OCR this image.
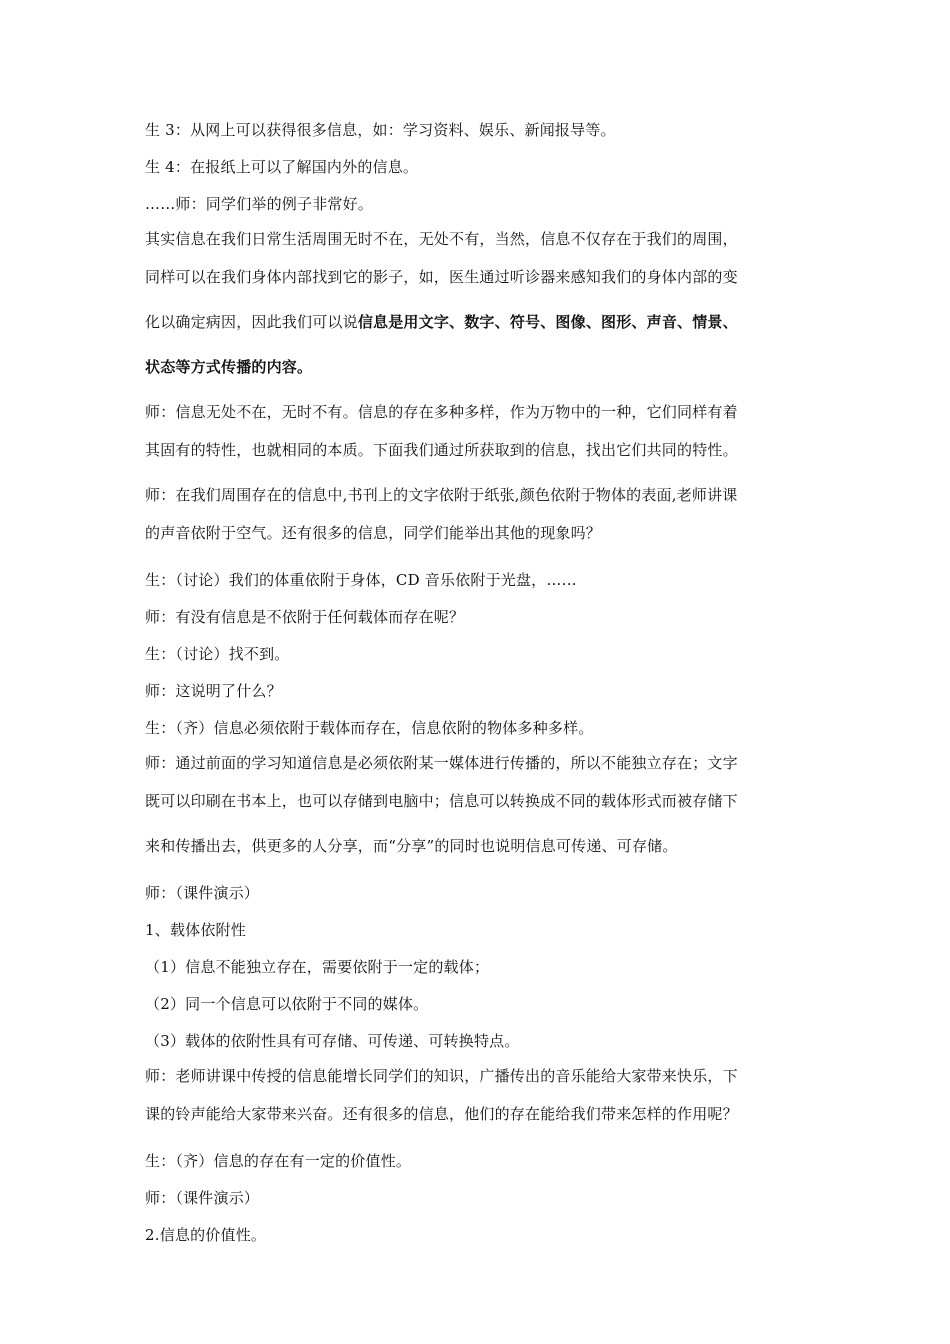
生 3：从网上可以获得很多信息，如：学习资料、娱乐、新闻报导等。
生 4：在报纸上可以了解国内外的信息。
……师：同学们举的例子非常好。
其实信息在我们日常生活周围无时不在，无处不有，当然，信息不仅存在于我们的周围，
同样可以在我们身体内部找到它的影子，如，医生通过听诊器来感知我们的身体内部的变
化以确定病因，因此我们可以说信息是用文字、数字、符号、图像、图形、声音、情景、
状态等方式传播的内容。
师：信息无处不在，无时不有。信息的存在多种多样，作为万物中的一种，它们同样有着
其固有的特性，也就相同的本质。下面我们通过所获取到的信息，找出它们共同的特性。
师：在我们周围存在的信息中,书刊上的文字依附于纸张,颜色依附于物体的表面,老师讲课
的声音依附于空气。还有很多的信息，同学们能举出其他的现象吗？
生：（讨论）我们的体重依附于身体，CD 音乐依附于光盘，……
师：有没有信息是不依附于任何载体而存在呢？
生：（讨论）找不到。
师：这说明了什么？
生：（齐）信息必须依附于载体而存在，信息依附的物体多种多样。
师：通过前面的学习知道信息是必须依附某一媒体进行传播的，所以不能独立存在；文字
既可以印刷在书本上，也可以存储到电脑中；信息可以转换成不同的载体形式而被存储下
来和传播出去，供更多的人分享，而“分享”的同时也说明信息可传递、可存储。
师：（课件演示）
1、载体依附性
（1）信息不能独立存在，需要依附于一定的载体；
（2）同一个信息可以依附于不同的媒体。
（3）载体的依附性具有可存储、可传递、可转换特点。
师：老师讲课中传授的信息能增长同学们的知识，广播传出的音乐能给大家带来快乐，下
课的铃声能给大家带来兴奋。还有很多的信息，他们的存在能给我们带来怎样的作用呢？
生：（齐）信息的存在有一定的价值性。
师：（课件演示）
2.信息的价值性。
